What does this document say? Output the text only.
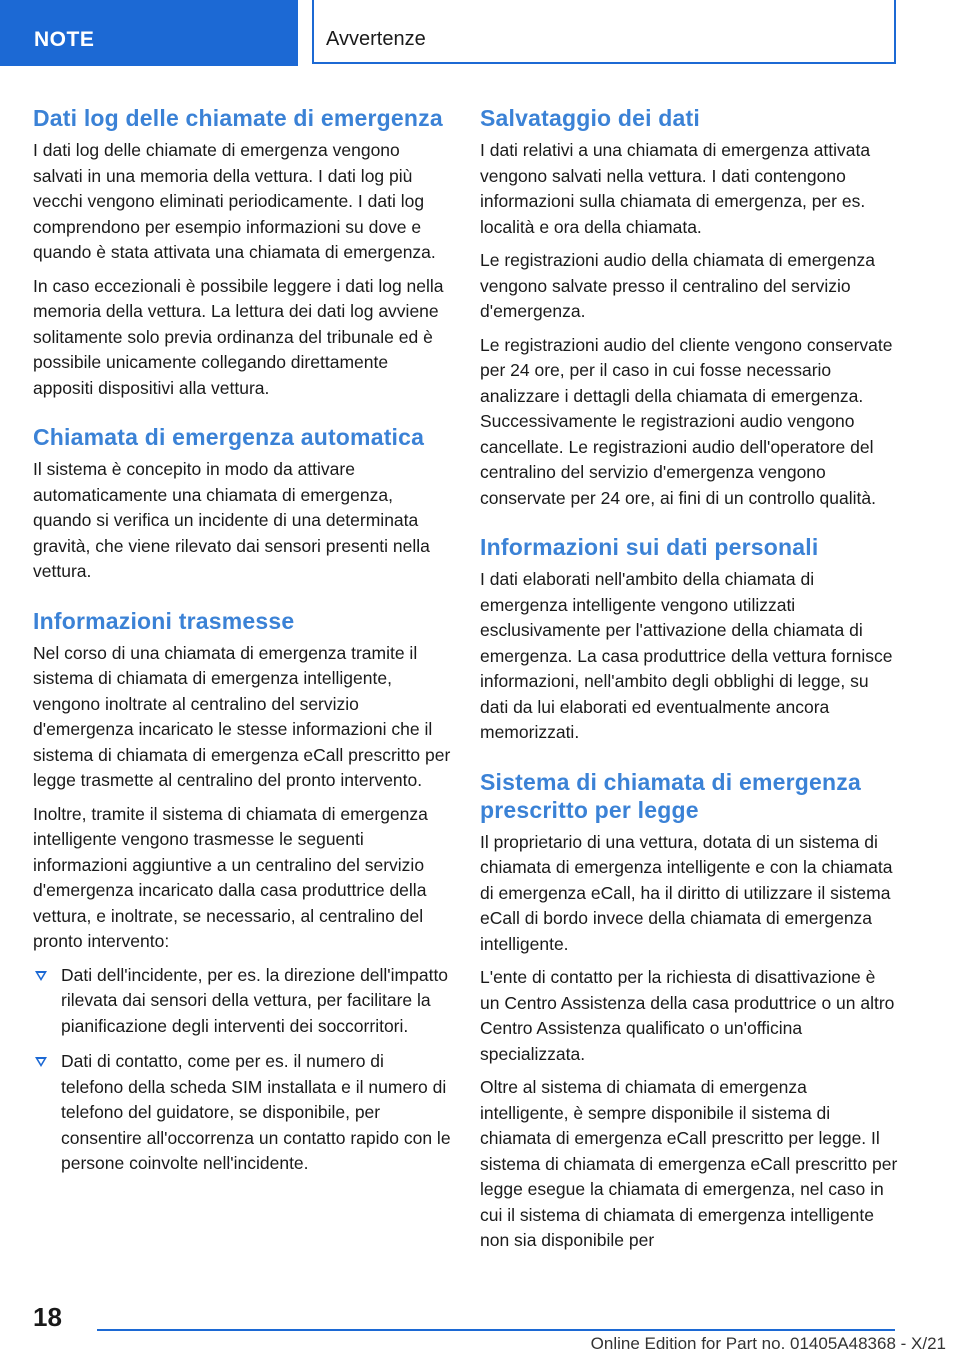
NOTE	Avvertenze
Dati log delle chiamate di emergenza

I dati log delle chiamate di emergenza vengono salvati in una memoria della vettura. I dati log più vecchi vengono eliminati periodicamente. I dati log comprendono per esempio informazioni su dove e quando è stata attivata una chiamata di emergenza.

In caso eccezionali è possibile leggere i dati log nella memoria della vettura. La lettura dei dati log avviene solitamente solo previa ordinanza del tribunale ed è possibile unicamente collegando direttamente appositi dispositivi alla vettura.

Chiamata di emergenza automatica

Il sistema è concepito in modo da attivare automaticamente una chiamata di emergenza, quando si verifica un incidente di una determinata gravità, che viene rilevato dai sensori presenti nella vettura.

Informazioni trasmesse

Nel corso di una chiamata di emergenza tramite il sistema di chiamata di emergenza intelligente, vengono inoltrate al centralino del servizio d'emergenza incaricato le stesse informazioni che il sistema di chiamata di emergenza eCall prescritto per legge trasmette al centralino del pronto intervento.

Inoltre, tramite il sistema di chiamata di emergenza intelligente vengono trasmesse le seguenti informazioni aggiuntive a un centralino del servizio d'emergenza incaricato dalla casa produttrice della vettura, e inoltrate, se necessario, al centralino del pronto intervento:

Dati dell'incidente, per es. la direzione dell'impatto rilevata dai sensori della vettura, per facilitare la pianificazione degli interventi dei soccorritori.
Dati di contatto, come per es. il numero di telefono della scheda SIM installata e il numero di telefono del guidatore, se disponibile, per consentire all'occorrenza un contatto rapido con le persone coinvolte nell'incidente.
Salvataggio dei dati

I dati relativi a una chiamata di emergenza attivata vengono salvati nella vettura. I dati contengono informazioni sulla chiamata di emergenza, per es. località e ora della chiamata.

Le registrazioni audio della chiamata di emergenza vengono salvate presso il centralino del servizio d'emergenza.

Le registrazioni audio del cliente vengono conservate per 24 ore, per il caso in cui fosse necessario analizzare i dettagli della chiamata di emergenza. Successivamente le registrazioni audio vengono cancellate. Le registrazioni audio dell'operatore del centralino del servizio d'emergenza vengono conservate per 24 ore, ai fini di un controllo qualità.

Informazioni sui dati personali

I dati elaborati nell'ambito della chiamata di emergenza intelligente vengono utilizzati esclusivamente per l'attivazione della chiamata di emergenza. La casa produttrice della vettura fornisce informazioni, nell'ambito degli obblighi di legge, su dati da lui elaborati ed eventualmente ancora memorizzati.

Sistema di chiamata di emergenza prescritto per legge

Il proprietario di una vettura, dotata di un sistema di chiamata di emergenza intelligente e con la chiamata di emergenza eCall, ha il diritto di utilizzare il sistema eCall di bordo invece della chiamata di emergenza intelligente.

L'ente di contatto per la richiesta di disattivazione è un Centro Assistenza della casa produttrice o un altro Centro Assistenza qualificato o un'officina specializzata.

Oltre al sistema di chiamata di emergenza intelligente, è sempre disponibile il sistema di chiamata di emergenza eCall prescritto per legge. Il sistema di chiamata di emergenza eCall prescritto per legge esegue la chiamata di emergenza, nel caso in cui il sistema di chiamata di emergenza intelligente non sia disponibile per

18
Online Edition for Part no. 01405A48368 - X/21
